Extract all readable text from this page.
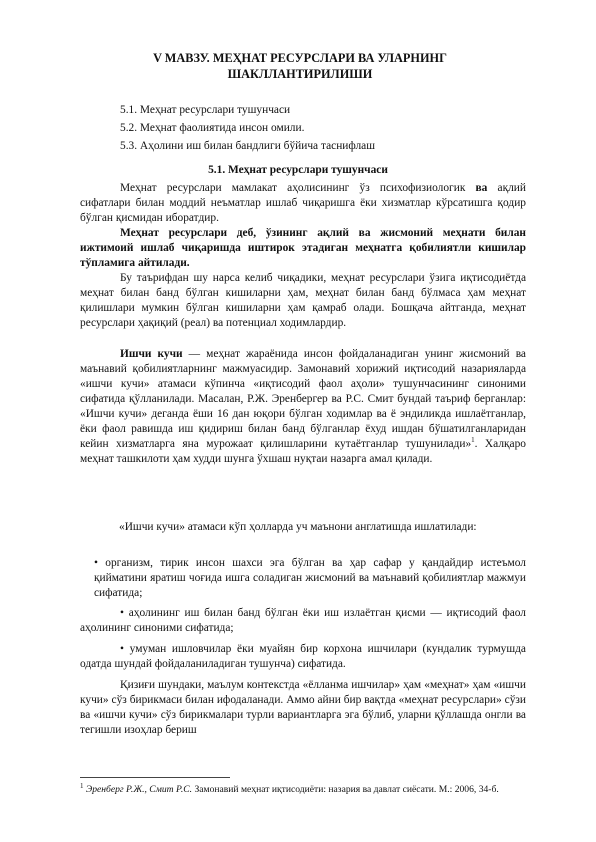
V МАВЗУ. МЕҲНАТ РЕСУРСЛАРИ ВА УЛАРНИНГ
ШАКЛЛАНТИРИЛИШИ
5.1. Меҳнат ресурслари тушунчаси
5.2. Меҳнат фаолиятида инсон омили.
5.3. Аҳолини иш билан бандлиги бўйича таснифлаш
5.1. Меҳнат ресурслари тушунчаси
Меҳнат ресурслари мамлакат аҳолисининг ўз психофизиологик ва ақлий сифатлари билан моддий неъматлар ишлаб чиқаришга ёки хизматлар кўрсатишга қодир бўлган қисмидан иборатдир.
Меҳнат ресурслари деб, ўзининг ақлий ва жисмоний меҳнати билан ижтимоий ишлаб чиқаришда иштирок этадиган меҳнатга қобилиятли кишилар тўпламига айтилади.
Бу таърифдан шу нарса келиб чиқадики, меҳнат ресурслари ўзига иқтисодиётда меҳнат билан банд бўлган кишиларни ҳам, меҳнат билан банд бўлмаса ҳам меҳнат қилишлари мумкин бўлган кишиларни ҳам қамраб олади. Бошқача айтганда, меҳнат ресурслари ҳақиқий (реал) ва потенциал ходимлардир.
Ишчи кучи — меҳнат жараёнида инсон фойдаланадиган унинг жисмоний ва маънавий қобилиятларнинг мажмуасидир. Замонавий хорижий иқтисодий назарияларда «ишчи кучи» атамаси кўпинча «иқтисодий фаол аҳоли» тушунчасининг синоними сифатида қўлланилади. Масалан, Р.Ж. Эренбергер ва Р.С. Смит бундай таъриф берганлар: «Ишчи кучи» деганда ёши 16 дан юқори бўлган ходимлар ва ё эндиликда ишлаётганлар, ёки фаол равишда иш қидириш билан банд бўлганлар ёхуд ишдан бўшатилганларидан кейин хизматларга яна мурожаат қилишларини кутаётганлар тушунилади»$^1$. Халқаро меҳнат ташкилоти ҳам худди шунга ўхшаш нуқтаи назарга амал қилади.
«Ишчи кучи» атамаси кўп ҳолларда уч маънони англатишда ишлатилади:
• организм, тирик инсон шахси эга бўлган ва ҳар сафар у қандайдир истеъмол қийматини яратиш чоғида ишга соладиган жисмоний ва маънавий қобилиятлар мажмуи сифатида;
• аҳолининг иш билан банд бўлган ёки иш излаётган қисми — иқтисодий фаол аҳолининг синоними сифатида;
• умуман ишловчилар ёки муайян бир корхона ишчилари (кундалик турмушда одатда шундай фойдаланиладиган тушунча) сифатида.
Қизиғи шундаки, маълум контекстда «ёлланма ишчилар» ҳам «меҳнат» ҳам «ишчи кучи» сўз бирикмаси билан ифодаланади. Аммо айни бир вақтда «меҳнат ресурслари» сўзи ва «ишчи кучи» сўз бирикмалари турли вариантларга эга бўлиб, уларни қўллашда онгли ва тегишли изоҳлар бериш
$^1$ Эренберг Р.Ж., Смит Р.С. Замонавий меҳнат иқтисодиёти: назария ва давлат сиёсати. М.: 2006, 34-б.
